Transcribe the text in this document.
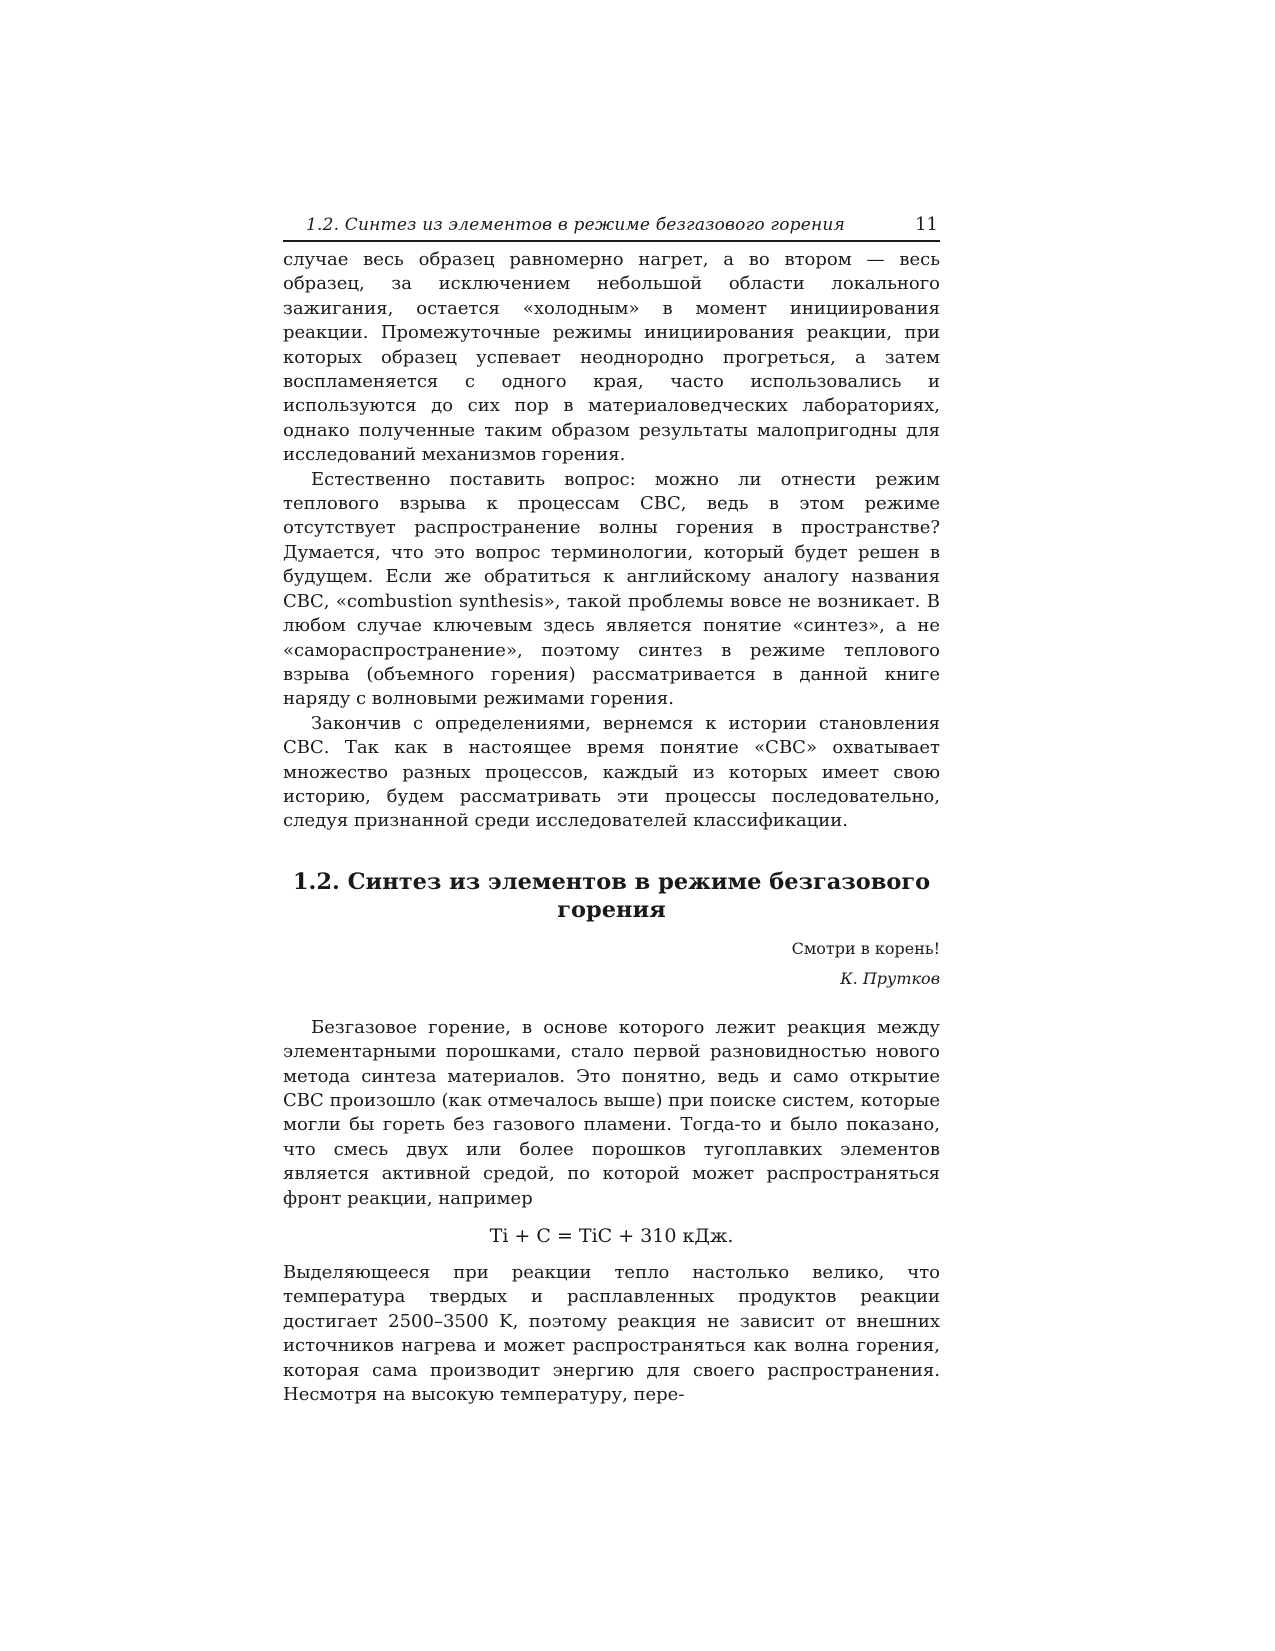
1.2. Синтез из элементов в режиме безгазового горения	11

случае весь образец равномерно нагрет, а во втором — весь образец, за исключением небольшой области локального зажигания, остается «холодным» в момент инициирования реакции. Промежуточные режимы инициирования реакции, при которых образец успевает неоднородно прогреться, а затем воспламеняется с одного края, часто использовались и используются до сих пор в материаловедческих лабораториях, однако полученные таким образом результаты малопригодны для исследований механизмов горения.

Естественно поставить вопрос: можно ли отнести режим теплового взрыва к процессам СВС, ведь в этом режиме отсутствует распространение волны горения в пространстве? Думается, что это вопрос терминологии, который будет решен в будущем. Если же обратиться к английскому аналогу названия СВС, «combustion synthesis», такой проблемы вовсе не возникает. В любом случае ключевым здесь является понятие «синтез», а не «самораспространение», поэтому синтез в режиме теплового взрыва (объемного горения) рассматривается в данной книге наряду с волновыми режимами горения.

Закончив с определениями, вернемся к истории становления СВС. Так как в настоящее время понятие «СВС» охватывает множество разных процессов, каждый из которых имеет свою историю, будем рассматривать эти процессы последовательно, следуя признанной среди исследователей классификации.

1.2. Синтез из элементов в режиме безгазового горения
Смотри в корень!
К. Прутков

Безгазовое горение, в основе которого лежит реакция между элементарными порошками, стало первой разновидностью нового метода синтеза материалов. Это понятно, ведь и само открытие СВС произошло (как отмечалось выше) при поиске систем, которые могли бы гореть без газового пламени. Тогда-то и было показано, что смесь двух или более порошков тугоплавких элементов является активной средой, по которой может распространяться фронт реакции, например

Ti + C = TiC + 310 кДж.

Выделяющееся при реакции тепло настолько велико, что температура твердых и расплавленных продуктов реакции достигает 2500–3500 K, поэтому реакция не зависит от внешних источников нагрева и может распространяться как волна горения, которая сама производит энергию для своего распространения. Несмотря на высокую температуру, пере-
